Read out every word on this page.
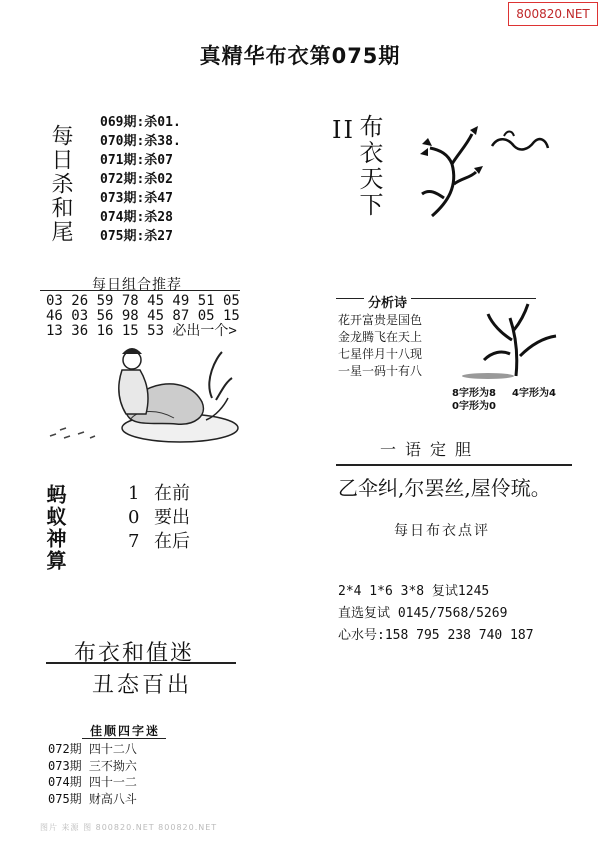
800820.NET
真精华布衣第075期
每日杀和尾
069期:杀01.
070期:杀38.
071期:杀07
072期:杀02
073期:杀47
074期:杀28
075期:杀27
布衣天下
II
每日组合推荐
03 26 59 78 45 49 51 05
46 03 56 98 45 87 05 15
13 36 16 15 53 必出一个>
分析诗
花开富贵是国色
金龙腾飞在天上
七星伴月十八现
一星一码十有八
8字形为8 4字形为4
0字形为0
一语定胆
乙伞纠,尔罢丝,屋伶琉。
每日布衣点评
2*4 1*6 3*8 复试1245
直选复试 0145/7568/5269
心水号:158 795 238 740 187
蚂蚁神算	1 在前
0 要出
7 在后
布衣和值迷
丑态百出
佳顺四字迷
072期 四十二八
073期 三不拗六
074期 四十一二
075期 财高八斗
图片 来源 图 800820.NET 800820.NET
